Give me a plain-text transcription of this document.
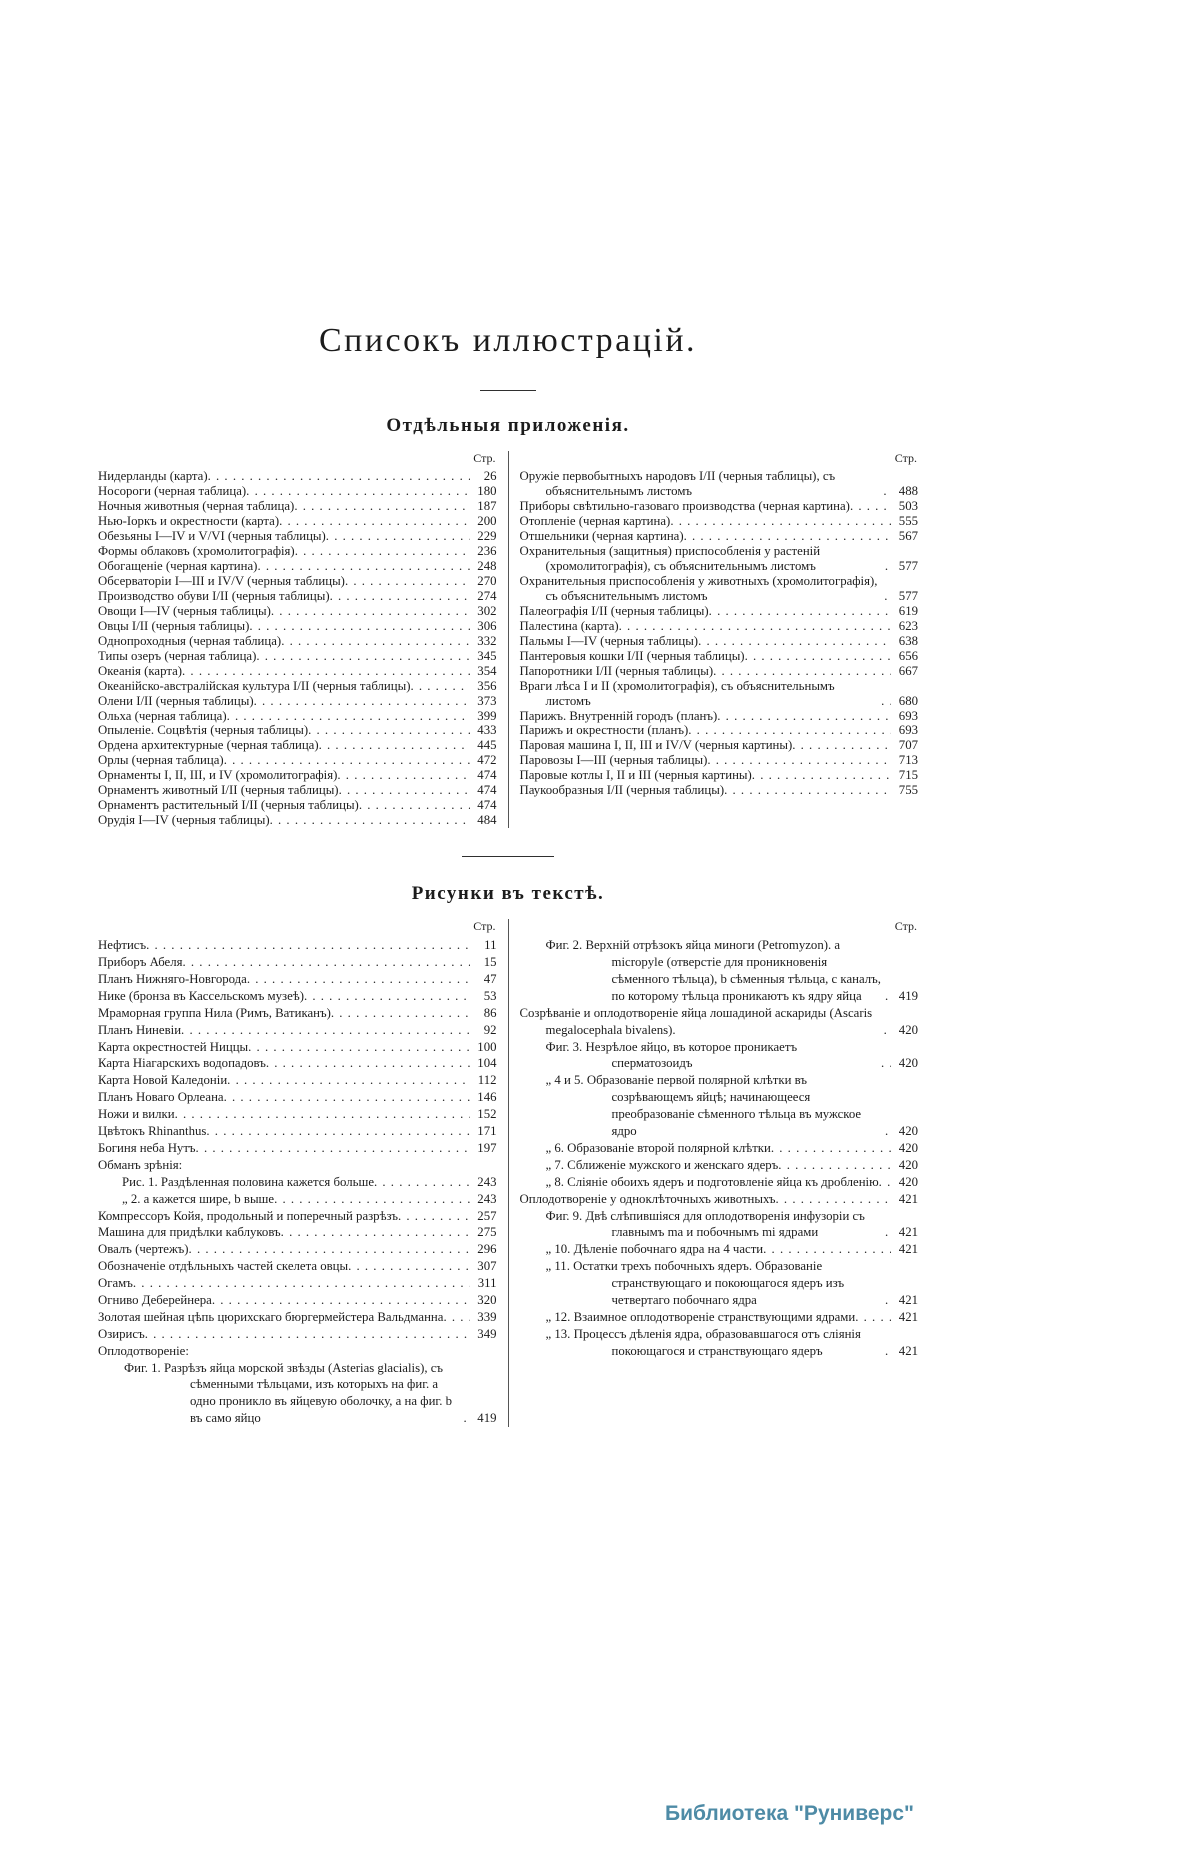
Списокъ иллюстрацій.
Отдѣльныя приложенія.
Стр.
Нидерланды (карта) . . .	26
Носороги (черная таблица) . . .	180
Ночныя животныя (черная таблица) . . .	187
Нью-Іоркъ и окрестности (карта) . . .	200
Обезьяны I—IV и V/VI (черныя таблицы) . . .	229
Формы облаковъ (хромолитографія) . . .	236
Обогащеніе (черная картина) . . .	248
Обсерваторіи I—III и IV/V (черныя таблицы) . . .	270
Производство обуви I/II (черныя таблицы) . . .	274
Овощи I—IV (черныя таблицы) . . .	302
Овцы I/II (черныя таблицы) . . .	306
Однопроходныя (черная таблица) . . .	332
Типы озеръ (черная таблица) . . .	345
Океанія (карта) . . .	354
Океанійско-австралійская культура I/II (черныя таблицы) . . .	356
Олени I/II (черныя таблицы) . . .	373
Ольха (черная таблица) . . .	399
Опыленіе. Соцвѣтія (черныя таблицы) . . .	433
Ордена архитектурные (черная таблица) . . .	445
Орлы (черная таблица) . . .	472
Орнаменты I, II, III, и IV (хромолитографія) . . .	474
Орнаментъ животный I/II (черныя таблицы) . . .	474
Орнаментъ растительный I/II (черныя таблицы) . . .	474
Орудія I—IV (черныя таблицы) . . .	484
Стр.
Оружіе первобытныхъ народовъ I/II (черныя таблицы), съ объяснительнымъ листомъ . . .	488
Приборы свѣтильно-газоваго производства (черная картина) . . .	503
Отопленіе (черная картина) . . .	555
Отшельники (черная картина) . . .	567
Охранительныя (защитныя) приспособленія у растеній (хромолитографія), съ объяснительнымъ листомъ . . .	577
Охранительныя приспособленія у животныхъ (хромолитографія), съ объяснительнымъ листомъ . . .	577
Палеографія I/II (черныя таблицы) . . .	619
Палестина (карта) . . .	623
Пальмы I—IV (черныя таблицы) . . .	638
Пантеровыя кошки I/II (черныя таблицы) . . .	656
Папоротники I/II (черныя таблицы) . . .	667
Враги лѣса I и II (хромолитографія), съ объяснительнымъ листомъ . . .	680
Парижъ. Внутренній городъ (планъ) . . .	693
Парижъ и окрестности (планъ) . . .	693
Паровая машина I, II, III и IV/V (черныя картины) . . .	707
Паровозы I—III (черныя таблицы) . . .	713
Паровые котлы I, II и III (черныя картины) . . .	715
Паукообразныя I/II (черныя таблицы) . . .	755
Рисунки въ текстѣ.
Стр.
Нефтисъ . . .	11
Приборъ Абеля . . .	15
Планъ Нижняго-Новгорода . . .	47
Нике (бронза въ Кассельскомъ музеѣ) . . .	53
Мраморная группа Нила (Римъ, Ватиканъ) . . .	86
Планъ Ниневіи . . .	92
Карта окрестностей Ниццы . . .	100
Карта Ніагарскихъ водопадовъ . . .	104
Карта Новой Каледоніи . . .	112
Планъ Новаго Орлеана . . .	146
Ножи и вилки . . .	152
Цвѣтокъ Rhinanthus . . .	171
Богиня неба Нутъ . . .	197
Обманъ зрѣнія:
Рис. 1. Раздѣленная половина кажется больше . . .	243
„ 2. a кажется шире, b выше . . .	243
Компрессоръ Койя, продольный и поперечный разрѣзъ . . .	257
Машина для придѣлки каблуковъ . . .	275
Овалъ (чертежъ) . . .	296
Обозначеніе отдѣльныхъ частей скелета овцы . . .	307
Огамъ . . .	311
Огниво Деберейнера . . .	320
Золотая шейная цѣпь цюрихскаго бюргермейстера Вальдманна . . .	339
Озирисъ . . .	349
Оплодотвореніе:
Фиг. 1. Разрѣзъ яйца морской звѣзды (Asterias glacialis), съ сѣменными тѣльцами, изъ которыхъ на фиг. a одно проникло въ яйцевую оболочку, а на фиг. b въ само яйцо . . .	419
Стр.
Фиг. 2. Верхній отрѣзокъ яйца миноги (Petromyzon). a micropyle (отверстіе для проникновенія сѣменного тѣльца), b сѣменныя тѣльца, c каналъ, по которому тѣльца проникаютъ къ ядру яйца . . .	419
Созрѣваніе и оплодотвореніе яйца лошадиной аскариды (Ascaris megalocephala bivalens). . . .	420
Фиг. 3. Незрѣлое яйцо, въ которое проникаетъ сперматозоидъ . . .	420
„ 4 и 5. Образованіе первой полярной клѣтки въ созрѣвающемъ яйцѣ; начинающееся преобразованіе сѣменного тѣльца въ мужское ядро . . .	420
„ 6. Образованіе второй полярной клѣтки . . .	420
„ 7. Сближеніе мужского и женскаго ядеръ . . .	420
„ 8. Сліяніе обоихъ ядеръ и подготовленіе яйца къ дробленію . . .	420
Оплодотвореніе у одноклѣточныхъ животныхъ . . .	421
Фиг. 9. Двѣ слѣпившіяся для оплодотворенія инфузоріи съ главнымъ ma и побочнымъ mi ядрами . . .	421
„ 10. Дѣленіе побочнаго ядра на 4 части . . .	421
„ 11. Остатки трехъ побочныхъ ядеръ. Образованіе странствующаго и покоющагося ядеръ изъ четвертаго побочнаго ядра . . .	421
„ 12. Взаимное оплодотвореніе странствующими ядрами . . .	421
„ 13. Процессъ дѣленія ядра, образовавшагося отъ сліянія покоющагося и странствующаго ядеръ . . .	421
Библиотека "Руниверс"
